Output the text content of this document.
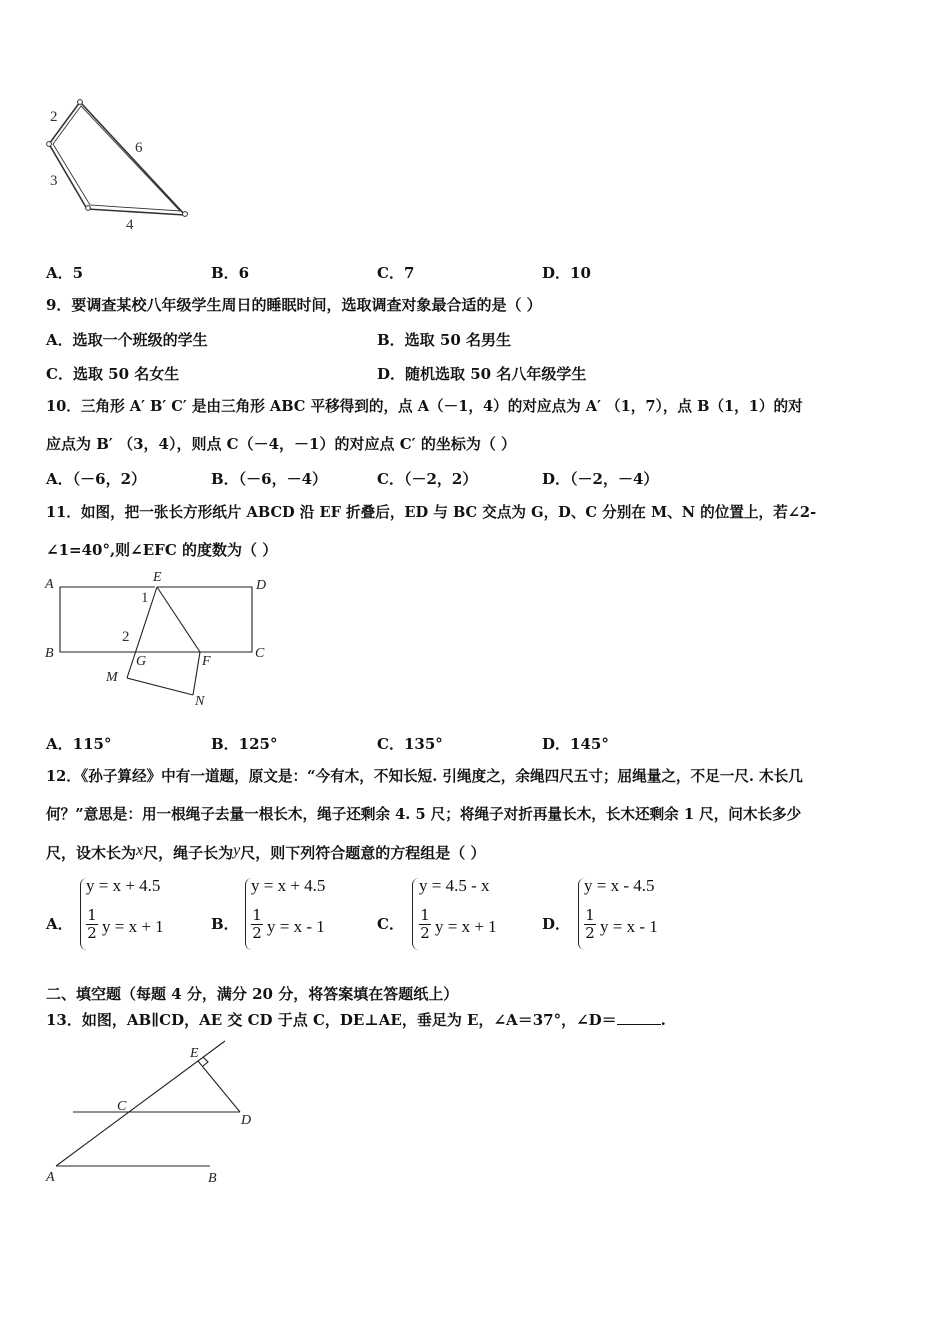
2
6
3
4
A．5	B．6	C．7	D．10
9．要调查某校八年级学生周日的睡眠时间，选取调查对象最合适的是（ ）
A．选取一个班级的学生	B．选取 50 名男生
C．选取 50 名女生	D．随机选取 50 名八年级学生
10．三角形 A′ B′ C′ 是由三角形 ABC 平移得到的，点 A（－1，4）的对应点为 A′ （1，7），点 B（1，1）的对
应点为 B′ （3，4），则点 C（－4，－1）的对应点 C′ 的坐标为（ ）
A．（－6，2）	B．（－6，－4）	C．（－2，2）	D．（－2，－4）
11．如图，把一张长方形纸片 ABCD 沿 EF 折叠后，ED 与 BC 交点为 G，D、C 分别在 M、N 的位置上，若∠2-
∠1=40°,则∠EFC 的度数为（ ）
A
B	C
D
E
F
G
M
N
1
2
A．115°	B．125°	C．135°	D．145°
12．《孙子算经》中有一道题，原文是：“今有木，不知长短. 引绳度之，余绳四尺五寸；屈绳量之，不足一尺. 木长几
何？”意思是：用一根绳子去量一根长木，绳子还剩余 4. 5 尺；将绳子对折再量长木，长木还剩余 1 尺，问木长多少
尺，设木长为x尺，绳子长为y尺，则下列符合题意的方程组是（ ）
A．
y = x + 4.5
$\frac{1}{2}$ y = x + 1	B．
y = x + 4.5
$\frac{1}{2}$ y = x - 1	C．
y = 4.5 - x
$\frac{1}{2}$ y = x + 1	D．
y = x - 4.5
$\frac{1}{2}$ y = x - 1
二、填空题（每题 4 分，满分 20 分，将答案填在答题纸上）
13．如图，AB∥CD，AE 交 CD 于点 C，DE⊥AE，垂足为 E，∠A＝37°，∠D＝	.
A	B
C
D
E
